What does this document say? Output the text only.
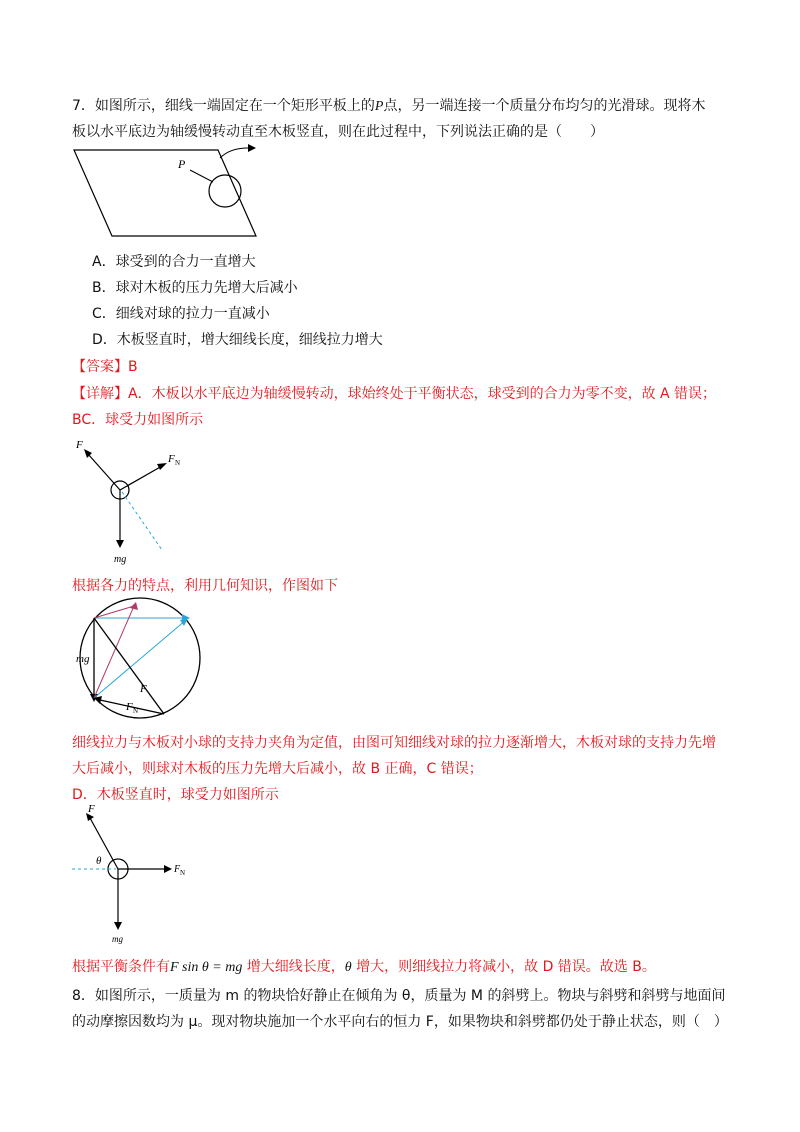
7．如图所示，细线一端固定在一个矩形平板上的P点，另一端连接一个质量分布均匀的光滑球。现将木
板以水平底边为轴缓慢转动直至木板竖直，则在此过程中，下列说法正确的是（　　）
P
A．球受到的合力一直增大
B．球对木板的压力先增大后减小
C．细线对球的拉力一直减小
D．木板竖直时，增大细线长度，细线拉力增大
【答案】B
【详解】A．木板以水平底边为轴缓慢转动，球始终处于平衡状态，球受到的合力为零不变，故 A 错误；
BC．球受力如图所示
F
F N
mg
根据各力的特点，利用几何知识，作图如下
mg
F
F N
细线拉力与木板对小球的支持力夹角为定值，由图可知细线对球的拉力逐渐增大，木板对球的支持力先增
大后减小，则球对木板的压力先增大后减小，故 B 正确，C 错误；
D．木板竖直时，球受力如图所示
F
θ
F N
mg
根据平衡条件有F sin θ = mg 增大细线长度，θ 增大，则细线拉力将减小，故 D 错误。故选 B。
8．如图所示，一质量为 m 的物块恰好静止在倾角为 θ，质量为 M 的斜劈上。物块与斜劈和斜劈与地面间
的动摩擦因数均为 μ。现对物块施加一个水平向右的恒力 F，如果物块和斜劈都仍处于静止状态，则（　）
